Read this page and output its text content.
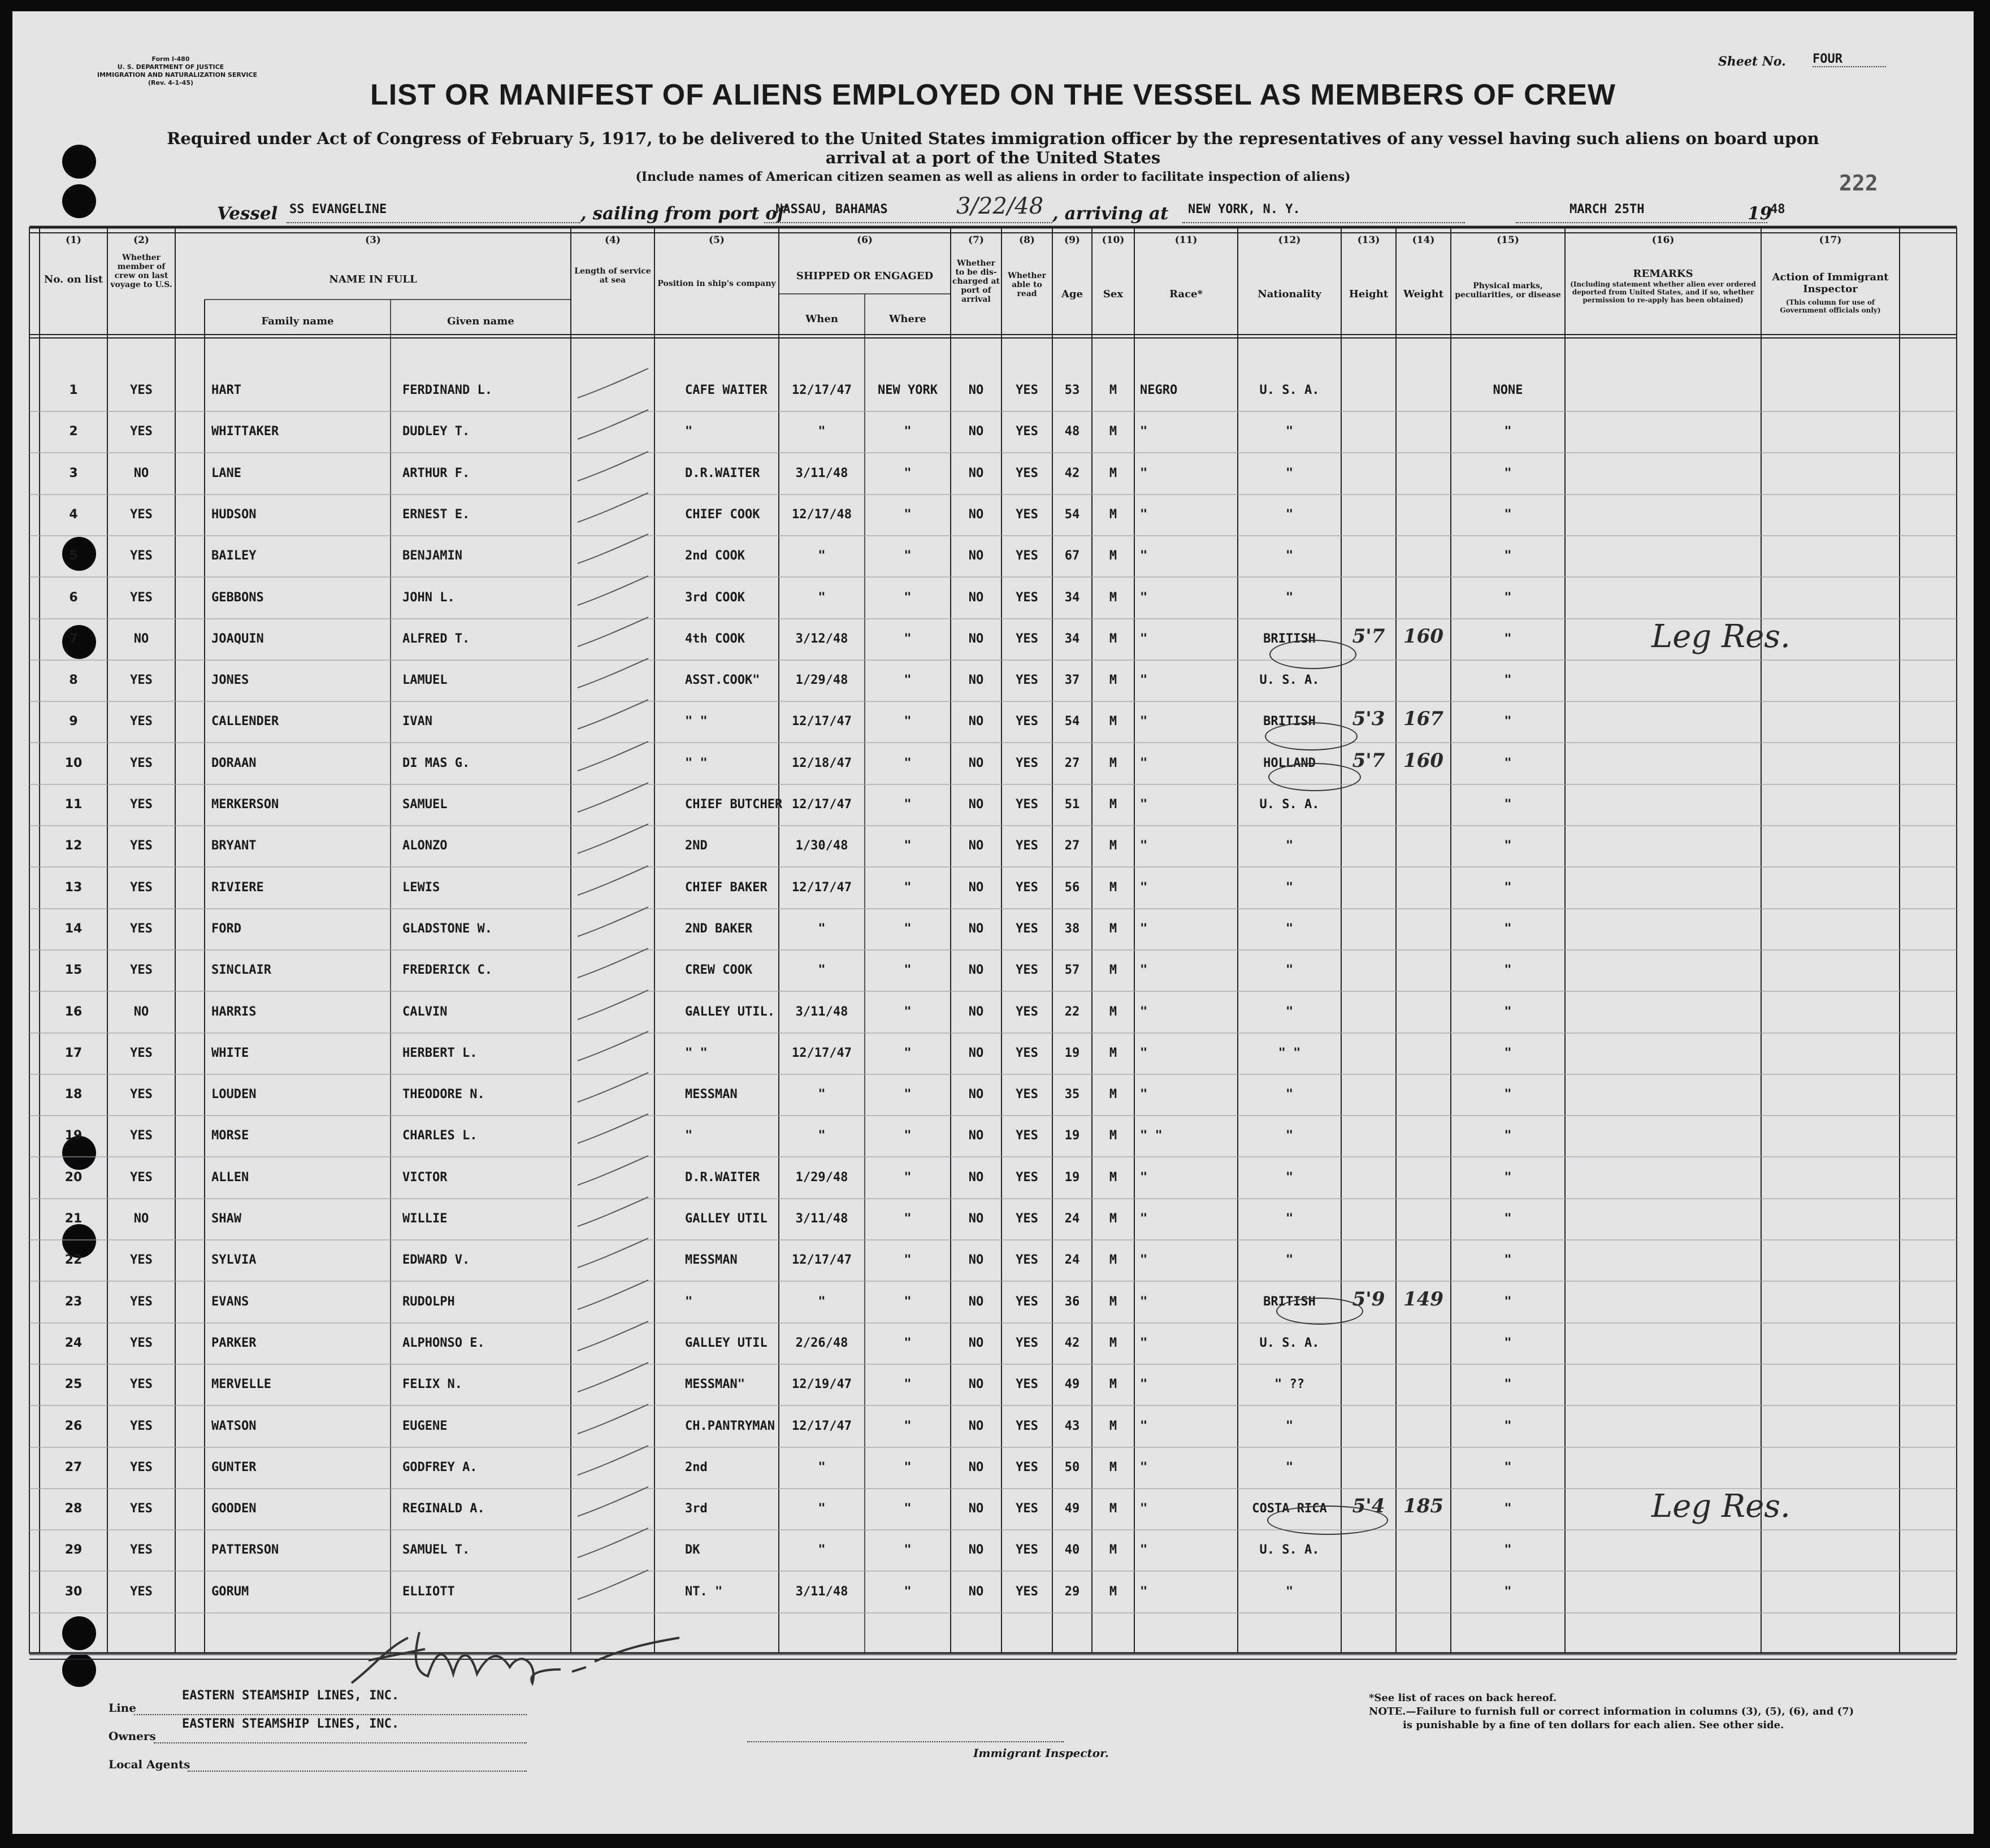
Form I-480
U. S. DEPARTMENT OF JUSTICE
IMMIGRATION AND NATURALIZATION SERVICE
(Rev. 4-1-45)
Sheet No. FOUR
LIST OR MANIFEST OF ALIENS EMPLOYED ON THE VESSEL AS MEMBERS OF CREW
Required under Act of Congress of February 5, 1917, to be delivered to the United States immigration officer by the representatives of any vessel having such aliens on board upon arrival at a port of the United States
(Include names of American citizen seamen as well as aliens in order to facilitate inspection of aliens)	222
Vessel SS EVANGELINE	, sailing from port of
NASSAU, BAHAMAS	3/22/48 , arriving at NEW YORK, N. Y.	MARCH 25TH	19
48
(1)	(2)	(3)	(4)	(5)	(6)	(7)	(8)	(9)	(10)	(11)	(12)	(13)	(14)	(15)	(16)	(17)
No. on list
Whether member of crew on last voyage to U.S.	NAME IN FULL
Family name	Given name
Length of service at sea	Position in ship's company
SHIPPED OR ENGAGED
When	Where
Whether to be dis-charged at port of arrival
Whether able to read	Age	Sex	Race*	Nationality	Height	Weight
Physical marks, peculiarities, or disease
REMARKS
(Including statement whether alien ever ordered deported from United States, and if so, whether permission to re-apply has been obtained)
Action of Immigrant Inspector
(This column for use of Government officials only)
1	YES	HART	FERDINAND L.	CAFE WAITER	12/17/47	NEW YORK	NO	YES	53	M	NEGRO	U. S. A.	NONE
2	YES	WHITTAKER	DUDLEY T.	"	"	"	NO	YES	48	M	"	"	"
3	NO	LANE	ARTHUR F.	D.R.WAITER	3/11/48	"	NO	YES	42	M	"	"	"
4	YES	HUDSON	ERNEST E.	CHIEF COOK	12/17/48	"	NO	YES	54	M	"	"	"
5	YES	BAILEY	BENJAMIN	2nd COOK	"	"	NO	YES	67	M	"	"	"
6	YES	GEBBONS	JOHN L.	3rd COOK	"	"	NO	YES	34	M	"	"	"
7	NO	JOAQUIN	ALFRED T.	4th COOK	3/12/48	"	NO	YES	34	M	"	BRITISH	5'7 160	"	Leg Res.
8	YES	JONES	LAMUEL	ASST.COOK"	1/29/48	"	NO	YES	37	M	"	U. S. A.	"
9	YES	CALLENDER	IVAN	" "	12/17/47	"	NO	YES	54	M	"	BRITISH	5'3 167	"
10	YES	DORAAN	DI MAS G.	" "	12/18/47	"	NO	YES	27	M	"	HOLLAND	5'7 160	"
11	YES	MERKERSON	SAMUEL	CHIEF BUTCHER 12/17/47	"	NO	YES	51	M	"	U. S. A.	"
12	YES	BRYANT	ALONZO	2ND	1/30/48	"	NO	YES	27	M	"	"	"
13	YES	RIVIERE	LEWIS	CHIEF BAKER	12/17/47	"	NO	YES	56	M	"	"	"
14	YES	FORD	GLADSTONE W.	2ND BAKER	"	"	NO	YES	38	M	"	"	"
15	YES	SINCLAIR	FREDERICK C.	CREW COOK	"	"	NO	YES	57	M	"	"	"
16	NO	HARRIS	CALVIN	GALLEY UTIL.	3/11/48	"	NO	YES	22	M	"	"	"
17	YES	WHITE	HERBERT L.	" "	12/17/47	"	NO	YES	19	M	"	" "	"
18	YES	LOUDEN	THEODORE N.	MESSMAN	"	"	NO	YES	35	M	"	"	"
19	YES	MORSE	CHARLES L.	"	"	"	NO	YES	19	M	" "	"	"
20	YES	ALLEN	VICTOR	D.R.WAITER	1/29/48	"	NO	YES	19	M	"	"	"
21	NO	SHAW	WILLIE	GALLEY UTIL	3/11/48	"	NO	YES	24	M	"	"	"
22	YES	SYLVIA	EDWARD V.	MESSMAN	12/17/47	"	NO	YES	24	M	"	"	"
23	YES	EVANS	RUDOLPH	"	"	"	NO	YES	36	M	"	BRITISH	5'9 149	"
24	YES	PARKER	ALPHONSO E.	GALLEY UTIL	2/26/48	"	NO	YES	42	M	"	U. S. A.	"
25	YES	MERVELLE	FELIX N.	MESSMAN"	12/19/47	"	NO	YES	49	M	"	" ??	"
26	YES	WATSON	EUGENE	CH.PANTRYMAN	12/17/47	"	NO	YES	43	M	"	"	"
27	YES	GUNTER	GODFREY A.	2nd	"	"	NO	YES	50	M	"	"	"
28	YES	GOODEN	REGINALD A.	3rd	"	"	NO	YES	49	M	"	COSTA RICA	5'4 185	"	Leg Res.
29	YES	PATTERSON	SAMUEL T.	DK	"	"	NO	YES	40	M	"	U. S. A.	"
30	YES	GORUM	ELLIOTT	NT. "	3/11/48	"	NO	YES	29	M	"	"	"
Line
EASTERN STEAMSHIP LINES, INC.
Owners
EASTERN STEAMSHIP LINES, INC.
Local Agents
Immigrant Inspector.
*See list of races on back hereof.
NOTE.—Failure to furnish full or correct information in columns (3), (5), (6), and (7)
is punishable by a fine of ten dollars for each alien. See other side.
